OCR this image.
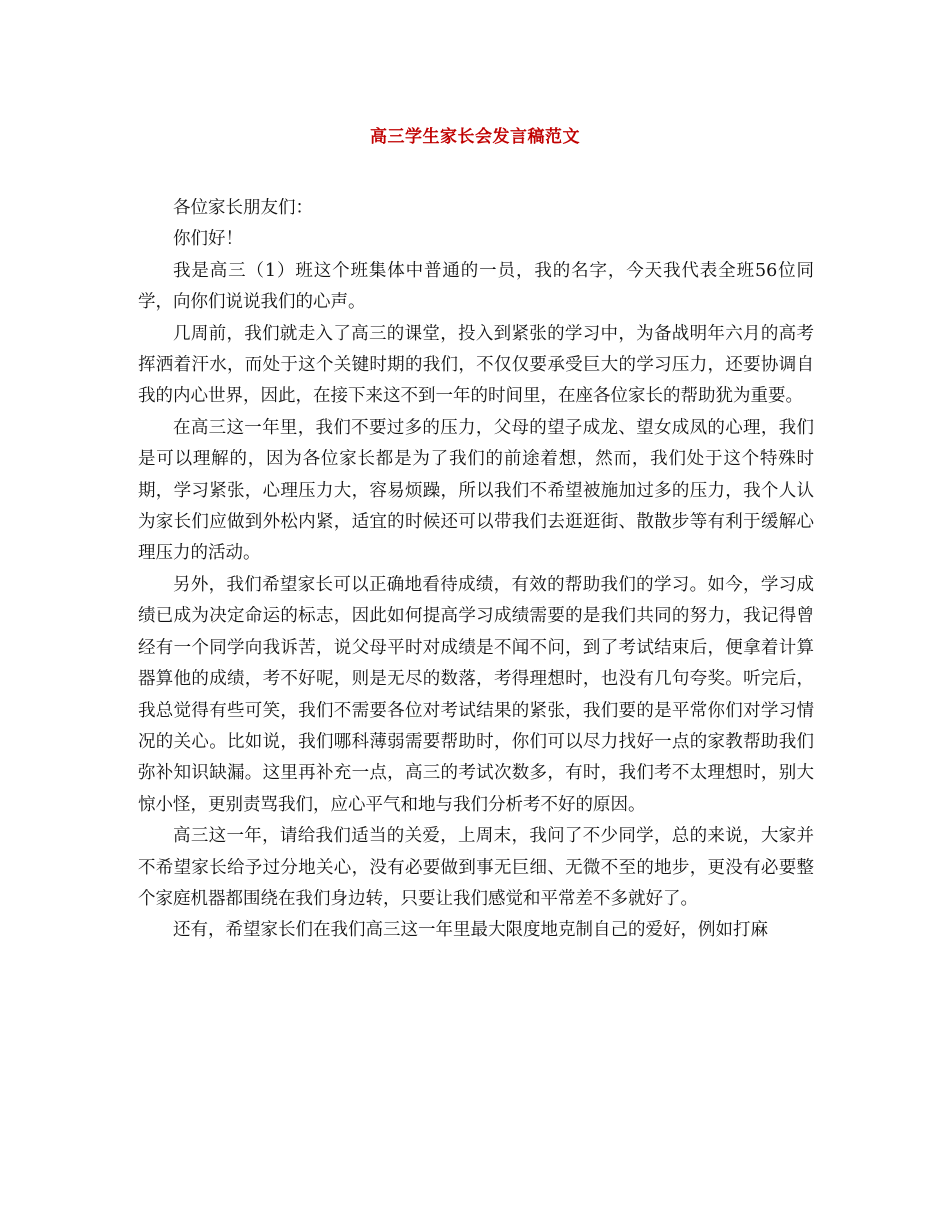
高三学生家长会发言稿范文

各位家长朋友们：

你们好！

我是高三（1）班这个班集体中普通的一员，我的名字，今天我代表全班56位同学，向你们说说我们的心声。

几周前，我们就走入了高三的课堂，投入到紧张的学习中，为备战明年六月的高考挥洒着汗水，而处于这个关键时期的我们，不仅仅要承受巨大的学习压力，还要协调自我的内心世界，因此，在接下来这不到一年的时间里，在座各位家长的帮助犹为重要。

在高三这一年里，我们不要过多的压力，父母的望子成龙、望女成凤的心理，我们是可以理解的，因为各位家长都是为了我们的前途着想，然而，我们处于这个特殊时期，学习紧张，心理压力大，容易烦躁，所以我们不希望被施加过多的压力，我个人认为家长们应做到外松内紧，适宜的时候还可以带我们去逛逛街、散散步等有利于缓解心理压力的活动。

另外，我们希望家长可以正确地看待成绩，有效的帮助我们的学习。如今，学习成绩已成为决定命运的标志，因此如何提高学习成绩需要的是我们共同的努力，我记得曾经有一个同学向我诉苦，说父母平时对成绩是不闻不问，到了考试结束后，便拿着计算器算他的成绩，考不好呢，则是无尽的数落，考得理想时，也没有几句夸奖。听完后，我总觉得有些可笑，我们不需要各位对考试结果的紧张，我们要的是平常你们对学习情况的关心。比如说，我们哪科薄弱需要帮助时，你们可以尽力找好一点的家教帮助我们弥补知识缺漏。这里再补充一点，高三的考试次数多，有时，我们考不太理想时，别大惊小怪，更别责骂我们，应心平气和地与我们分析考不好的原因。

高三这一年，请给我们适当的关爱，上周末，我问了不少同学，总的来说，大家并不希望家长给予过分地关心，没有必要做到事无巨细、无微不至的地步，更没有必要整个家庭机器都围绕在我们身边转，只要让我们感觉和平常差不多就好了。

还有，希望家长们在我们高三这一年里最大限度地克制自己的爱好，例如打麻
